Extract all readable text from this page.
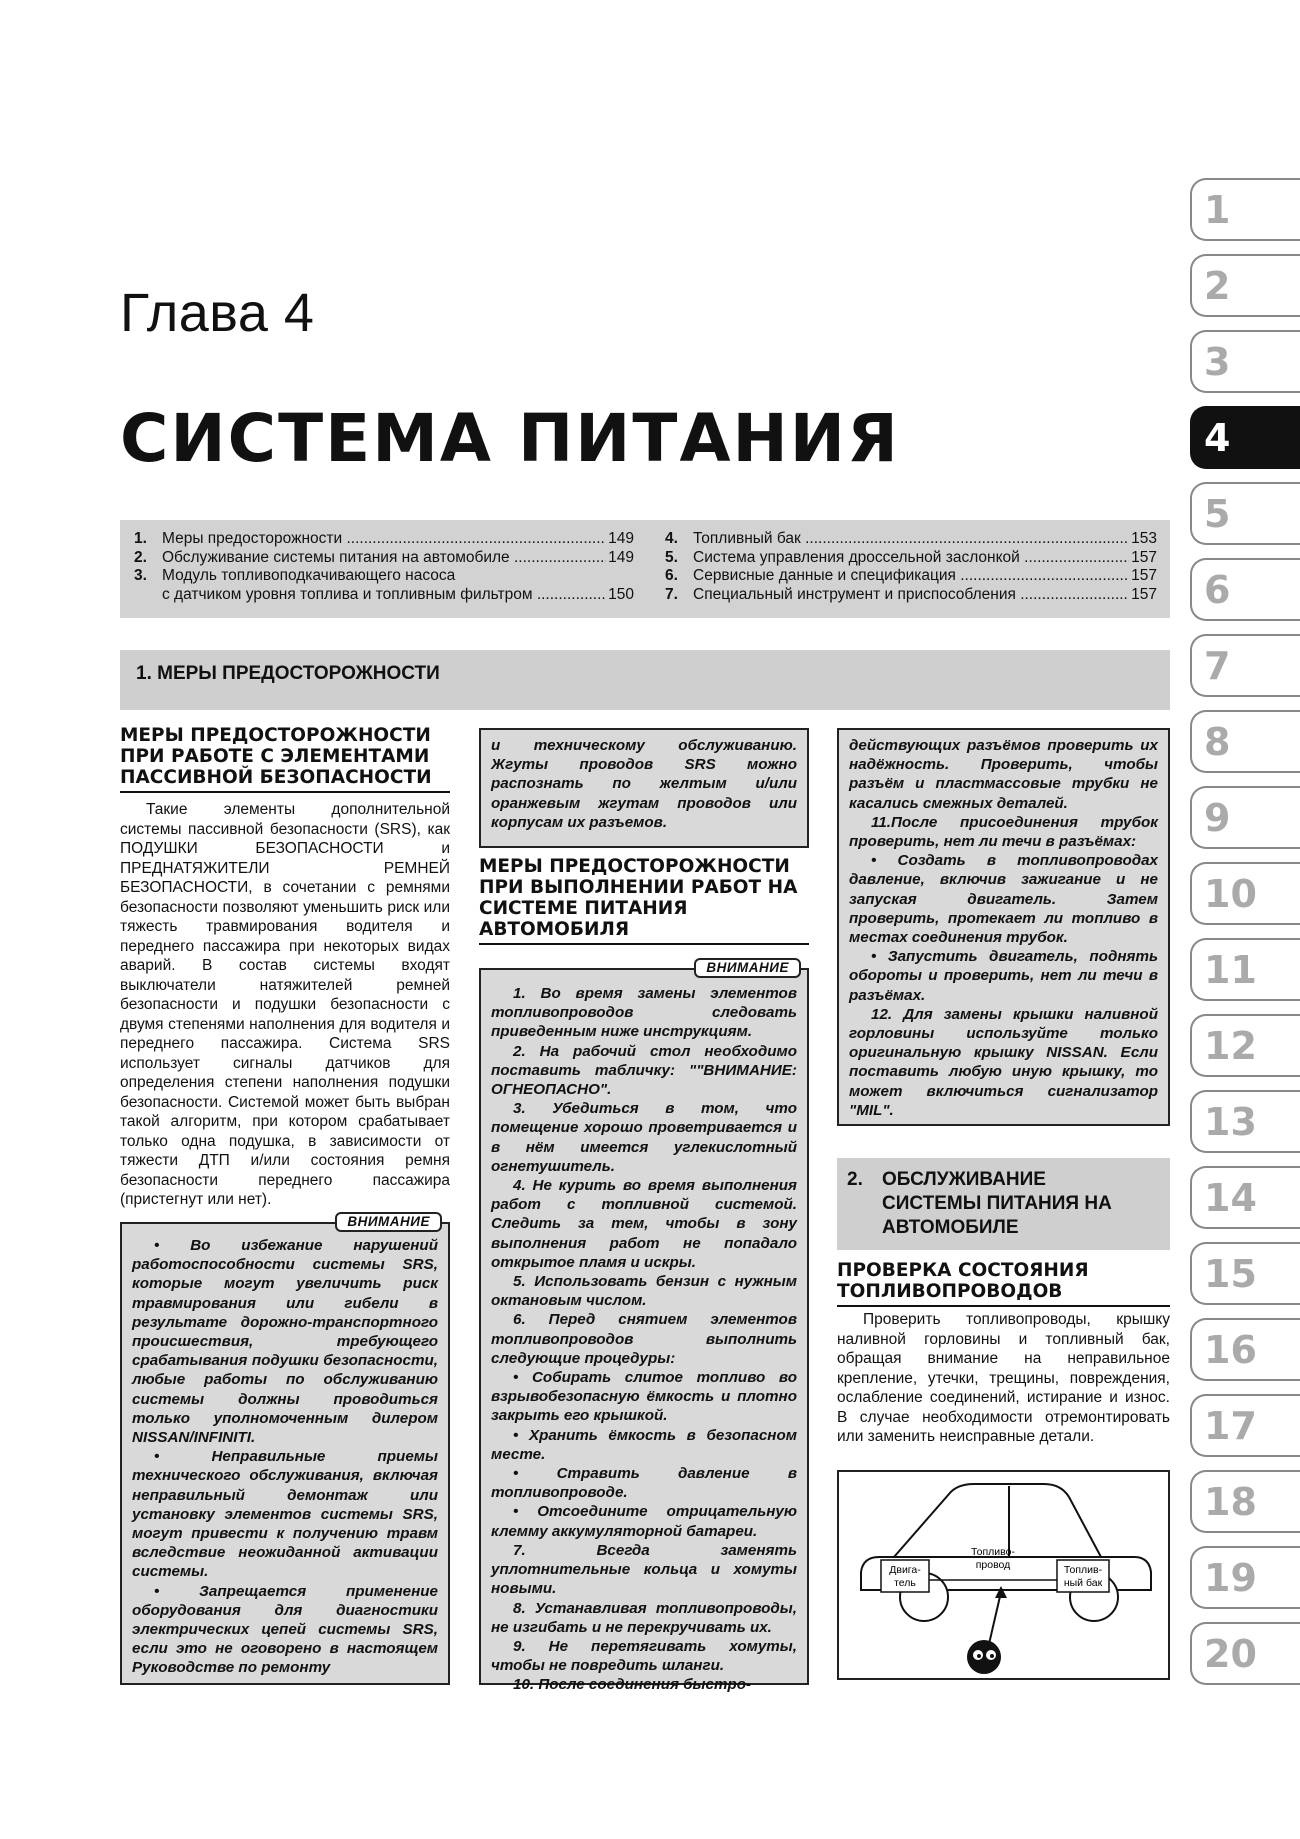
Глава 4
СИСТЕМА ПИТАНИЯ
1. Меры предосторожности .....	149
2. Обслуживание системы питания на автомобиле .....	149
3. Модуль топливоподкачивающего насоса
с датчиком уровня топлива и топливным фильтром .....	150
4. Топливный бак .....	153
5. Система управления дроссельной заслонкой .....	157
6. Сервисные данные и спецификация .....	157
7. Специальный инструмент и приспособления .....	157
1. МЕРЫ ПРЕДОСТОРОЖНОСТИ
МЕРЫ ПРЕДОСТОРОЖНОСТИ ПРИ РАБОТЕ С ЭЛЕМЕНТАМИ ПАССИВНОЙ БЕЗОПАСНОСТИ
Такие элементы дополнительной системы пассивной безопасности (SRS), как ПОДУШКИ БЕЗОПАСНОСТИ и ПРЕДНАТЯЖИТЕЛИ РЕМНЕЙ БЕЗОПАСНОСТИ, в сочетании с ремнями безопасности позволяют уменьшить риск или тяжесть травмирования водителя и переднего пассажира при некоторых видах аварий. В состав системы входят выключатели натяжителей ремней безопасности и подушки безопасности с двумя степенями наполнения для водителя и переднего пассажира. Система SRS использует сигналы датчиков для определения степени наполнения подушки безопасности. Системой может быть выбран такой алгоритм, при котором срабатывает только одна подушка, в зависимости от тяжести ДТП и/или состояния ремня безопасности переднего пассажира (пристегнут или нет).
ВНИМАНИЕ

• Во избежание нарушений работоспособности системы SRS, которые могут увеличить риск травмирования или гибели в результате дорожно-транспортного происшествия, требующего срабатывания подушки безопасности, любые работы по обслуживанию системы должны проводиться только уполномоченным дилером NISSAN/INFINITI.

• Неправильные приемы технического обслуживания, включая неправильный демонтаж или установку элементов системы SRS, могут привести к получению травм вследствие неожиданной активации системы.

• Запрещается применение оборудования для диагностики электрических цепей системы SRS, если это не оговорено в настоящем Руководстве по ремонту

и техническому обслуживанию. Жгуты проводов SRS можно распознать по желтым и/или оранжевым жгутам проводов или корпусам их разъемов.

МЕРЫ ПРЕДОСТОРОЖНОСТИ ПРИ ВЫПОЛНЕНИИ РАБОТ НА СИСТЕМЕ ПИТАНИЯ АВТОМОБИЛЯ
ВНИМАНИЕ

1. Во время замены элементов топливопроводов следовать приведенным ниже инструкциям.

2. На рабочий стол необходимо поставить табличку: ""ВНИМАНИЕ: ОГНЕОПАСНО".

3. Убедиться в том, что помещение хорошо проветривается и в нём имеется углекислотный огнетушитель.

4. Не курить во время выполнения работ с топливной системой. Следить за тем, чтобы в зону выполнения работ не попадало открытое пламя и искры.

5. Использовать бензин с нужным октановым числом.

6. Перед снятием элементов топливопроводов выполнить следующие процедуры:

• Собирать слитое топливо во взрывобезопасную ёмкость и плотно закрыть его крышкой.

• Хранить ёмкость в безопасном месте.

• Стравить давление в топливопроводе.

• Отсоедините отрицательную клемму аккумуляторной батареи.

7. Всегда заменять уплотнительные кольца и хомуты новыми.

8. Устанавливая топливопроводы, не изгибать и не перекручивать их.

9. Не перетягивать хомуты, чтобы не повредить шланги.

10. После соединения быстро-

действующих разъёмов проверить их надёжность. Проверить, чтобы разъём и пластмассовые трубки не касались смежных деталей.

11.После присоединения трубок проверить, нет ли течи в разъёмах:

• Создать в топливопроводах давление, включив зажигание и не запуская двигатель. Затем проверить, протекает ли топливо в местах соединения трубок.

• Запустить двигатель, поднять обороты и проверить, нет ли течи в разъёмах.

12. Для замены крышки наливной горловины используйте только оригинальную крышку NISSAN. Если поставить любую иную крышку, то может включиться сигнализатор "MIL".

2. ОБСЛУЖИВАНИЕ СИСТЕМЫ ПИТАНИЯ НА АВТОМОБИЛЕ
ПРОВЕРКА СОСТОЯНИЯ ТОПЛИВОПРОВОДОВ
Проверить топливопроводы, крышку наливной горловины и топливный бак, обращая внимание на неправильное крепление, утечки, трещины, повреждения, ослабление соединений, истирание и износ. В случае необходимости отремонтировать или заменить неисправные детали.
Двига-
тель
Топлив-
ный бак
Топливо-
провод
1
2
3
4
5
6
7
8
9
10
11
12
13
14
15
16
17
18
19
20
